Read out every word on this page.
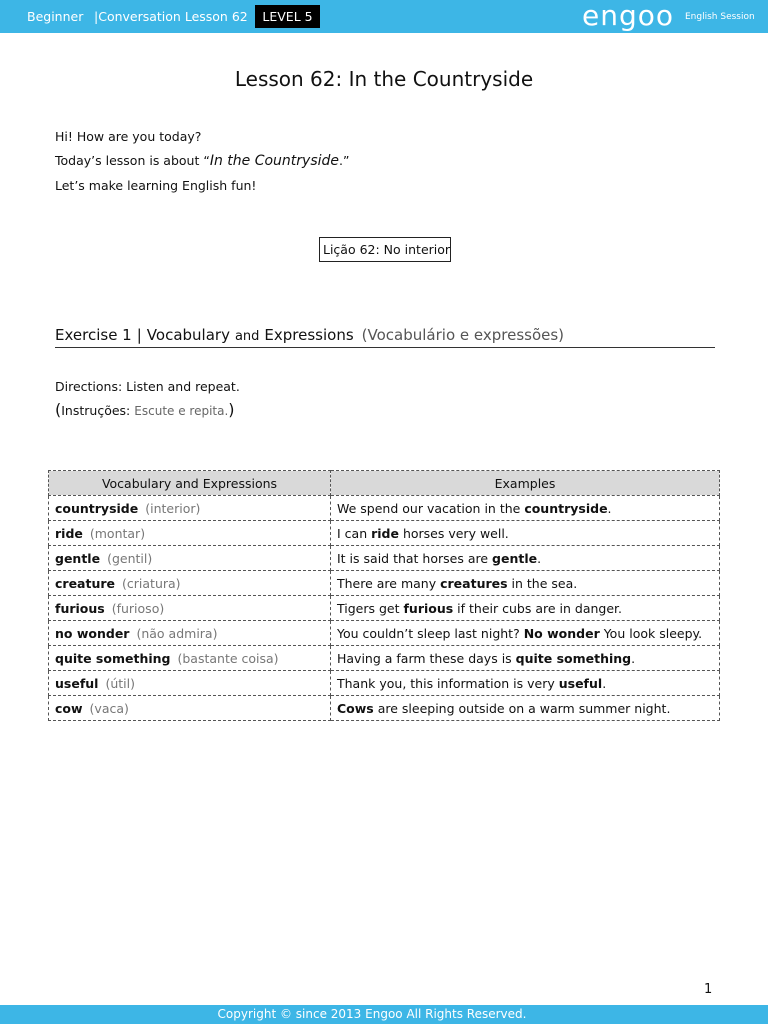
Beginner |Conversation Lesson 62	LEVEL 5	engoo English Session
Lesson 62: In the Countryside
Hi! How are you today?
Today’s lesson is about “In the Countryside.”
Let’s make learning English fun!
Lição 62: No interior
Exercise 1 | Vocabulary and Expressions (Vocabulário e expressões)
Directions: Listen and repeat.
(Instruções: Escute e repita.)
Vocabulary and Expressions	Examples
countryside (interior)	We spend our vacation in the countryside.
ride (montar)	I can ride horses very well.
gentle (gentil)	It is said that horses are gentle.
creature (criatura)	There are many creatures in the sea.
furious (furioso)	Tigers get furious if their cubs are in danger.
no wonder (não admira)	You couldn’t sleep last night? No wonder You look sleepy.
quite something (bastante coisa)	Having a farm these days is quite something.
useful (útil)	Thank you, this information is very useful.
cow (vaca)	Cows are sleeping outside on a warm summer night.
1
Copyright © since 2013 Engoo All Rights Reserved.
